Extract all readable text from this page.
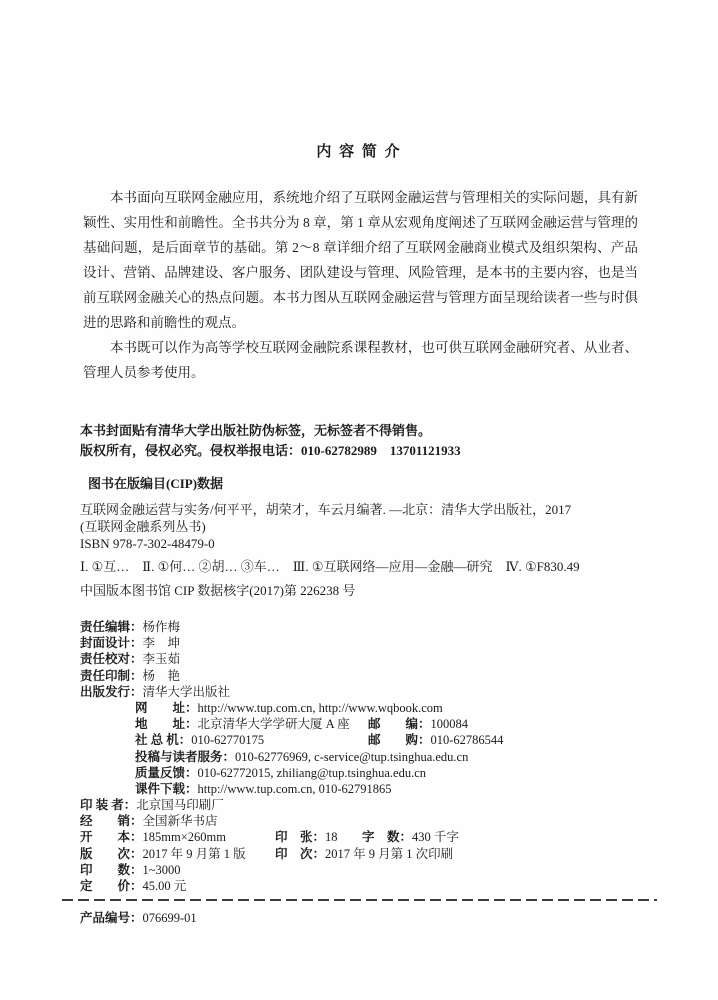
内 容 简 介

本书面向互联网金融应用，系统地介绍了互联网金融运营与管理相关的实际问题，具有新颖性、实用性和前瞻性。全书共分为 8 章，第 1 章从宏观角度阐述了互联网金融运营与管理的基础问题，是后面章节的基础。第 2～8 章详细介绍了互联网金融商业模式及组织架构、产品设计、营销、品牌建设、客户服务、团队建设与管理、风险管理，是本书的主要内容，也是当前互联网金融关心的热点问题。本书力图从互联网金融运营与管理方面呈现给读者一些与时俱进的思路和前瞻性的观点。

本书既可以作为高等学校互联网金融院系课程教材，也可供互联网金融研究者、从业者、管理人员参考使用。

本书封面贴有清华大学出版社防伪标签，无标签者不得销售。

版权所有，侵权必究。侵权举报电话：010-62782989　13701121933

图书在版编目(CIP)数据

互联网金融运营与实务/何平平，胡荣才，车云月编著. —北京：清华大学出版社，2017

(互联网金融系列丛书)

ISBN 978-7-302-48479-0

Ⅰ. ①互…　Ⅱ. ①何… ②胡… ③车…　Ⅲ. ①互联网络—应用—金融—研究　Ⅳ. ①F830.49

中国版本图书馆 CIP 数据核字(2017)第 226238 号

责任编辑：杨作梅
封面设计：李　坤
责任校对：李玉茹
责任印制：杨　艳
出版发行：清华大学出版社
网　　址：http://www.tup.com.cn, http://www.wqbook.com
地　　址：北京清华大学学研大厦 A 座 邮　　编：100084
社 总 机：010-62770175	邮　　购：010-62786544
投稿与读者服务：010-62776969, c-service@tup.tsinghua.edu.cn
质量反馈：010-62772015, zhiliang@tup.tsinghua.edu.cn
课件下载：http://www.tup.com.cn, 010-62791865
印 装 者：北京国马印刷厂
经　　销：全国新华书店
开　　本：185mm×260mm	印　张：18 字　数：430 千字
版　　次：2017 年 9 月第 1 版 印　次：2017 年 9 月第 1 次印刷
印　　数：1~3000
定　　价：45.00 元

产品编号：076699-01
